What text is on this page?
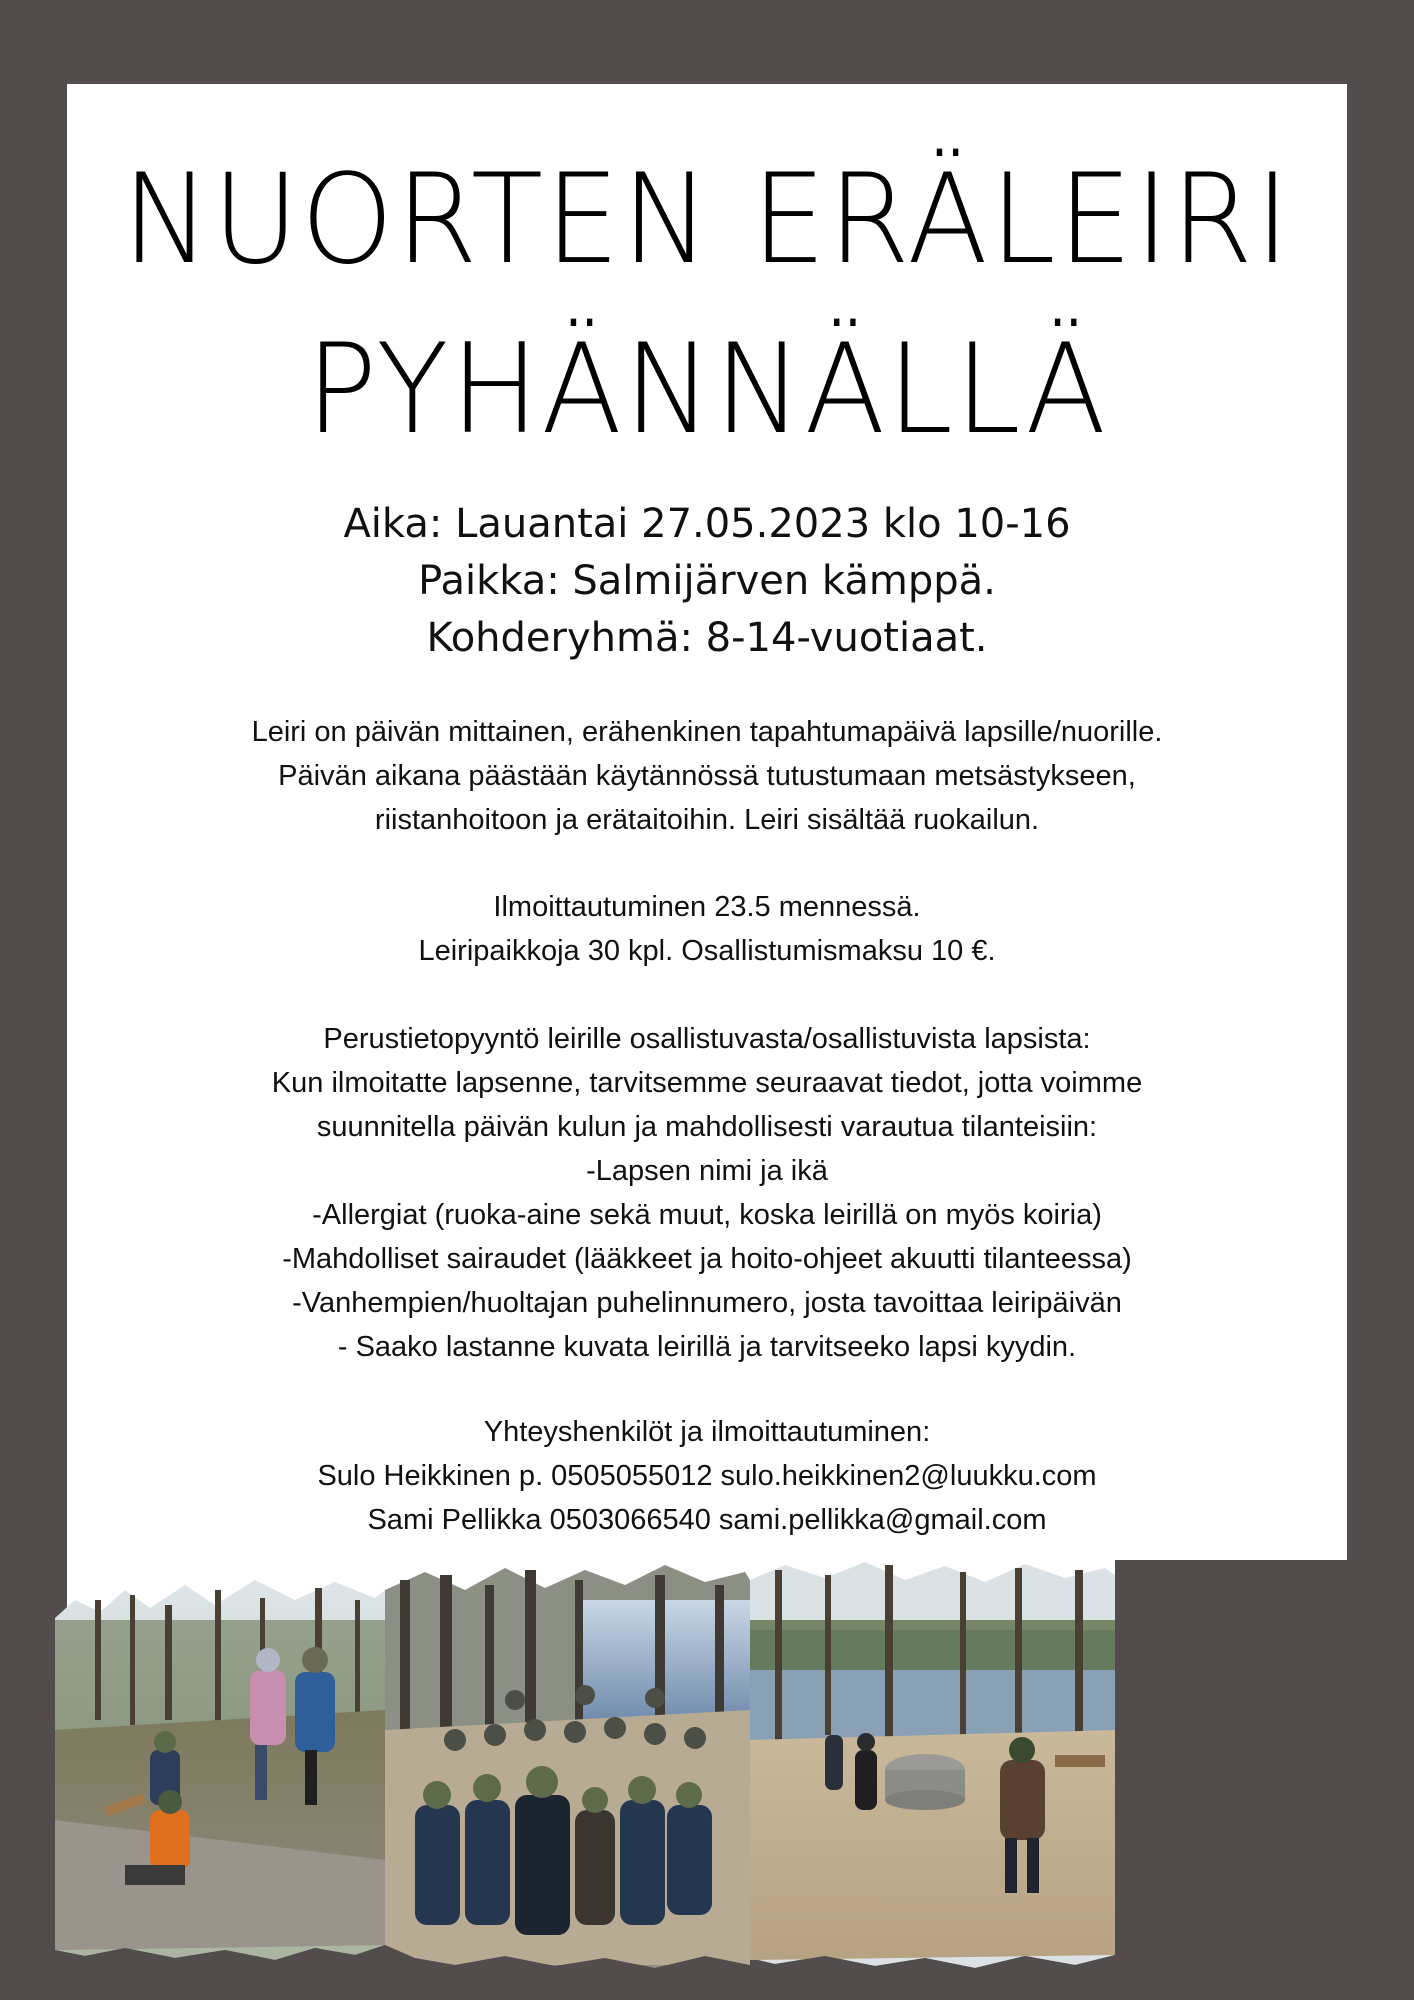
NUORTEN ERÄLEIRI
PYHÄNNÄLLÄ
Aika: Lauantai 27.05.2023 klo 10-16
Paikka: Salmijärven kämppä.
Kohderyhmä: 8-14-vuotiaat.
Leiri on päivän mittainen, erähenkinen tapahtumapäivä lapsille/nuorille.
Päivän aikana päästään käytännössä tutustumaan metsästykseen,
riistanhoitoon ja erätaitoihin. Leiri sisältää ruokailun.
Ilmoittautuminen 23.5 mennessä.
Leiripaikkoja 30 kpl. Osallistumismaksu 10 €.
Perustietopyyntö leirille osallistuvasta/osallistuvista lapsista:
Kun ilmoitatte lapsenne, tarvitsemme seuraavat tiedot, jotta voimme
suunnitella päivän kulun ja mahdollisesti varautua tilanteisiin:
-Lapsen nimi ja ikä
-Allergiat (ruoka-aine sekä muut, koska leirillä on myös koiria)
-Mahdolliset sairaudet (lääkkeet ja hoito-ohjeet akuutti tilanteessa)
-Vanhempien/huoltajan puhelinnumero, josta tavoittaa leiripäivän
- Saako lastanne kuvata leirillä ja tarvitseeko lapsi kyydin.
Yhteyshenkilöt ja ilmoittautuminen:
Sulo Heikkinen p. 0505055012 sulo.heikkinen2@luukku.com
Sami Pellikka 0503066540 sami.pellikka@gmail.com
